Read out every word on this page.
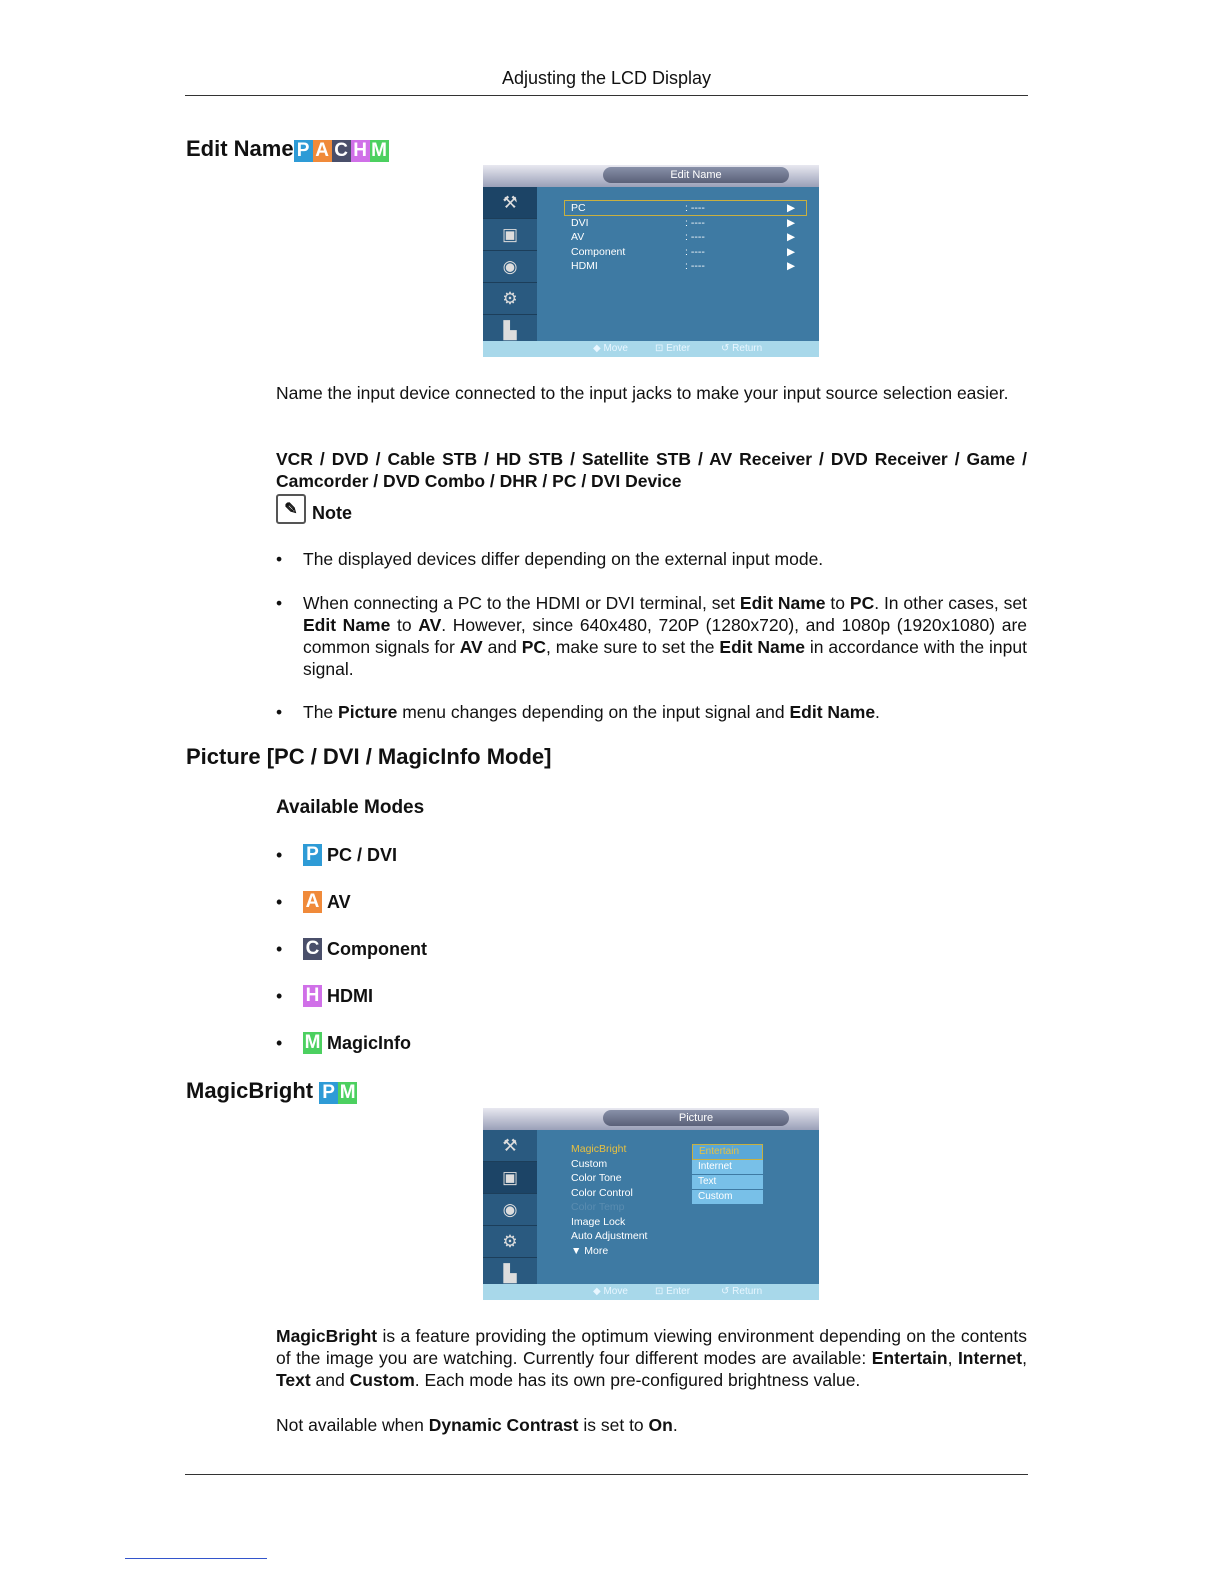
Adjusting the LCD Display
Edit Name P A C H M
Edit Name
⚒
▣
◉
⚙
▙
PC	: ----	▶
DVI	: ----	▶
AV	: ----	▶
Component	: ----	▶
HDMI	: ----	▶
◆ Move	⊡ Enter	↺ Return
Name the input device connected to the input jacks to make your input source selection easier.
VCR / DVD / Cable STB / HD STB / Satellite STB / AV Receiver / DVD Receiver / Game / Camcorder / DVD Combo / DHR / PC / DVI Device
✎ Note
• The displayed devices differ depending on the external input mode.
• When connecting a PC to the HDMI or DVI terminal, set Edit Name to PC. In other cases, set Edit Name to AV. However, since 640x480, 720P (1280x720), and 1080p (1920x1080) are common signals for AV and PC, make sure to set the Edit Name in accordance with the input signal.
• The Picture menu changes depending on the input signal and Edit Name.
Picture [PC / DVI / MagicInfo Mode]
Available Modes
•	P PC / DVI
•	A AV
•	C Component
•	H HDMI
•	M MagicInfo
MagicBright P M
Picture
⚒
▣
◉
⚙
▙
MagicBright
Custom
Color Tone
Color Control
Color Temp
Image Lock
Auto Adjustment
▼ More
Entertain
Internet
Text
Custom
◆ Move	⊡ Enter	↺ Return
MagicBright is a feature providing the optimum viewing environment depending on the contents of the image you are watching. Currently four different modes are available: Entertain, Internet, Text and Custom. Each mode has its own pre-configured brightness value.
Not available when Dynamic Contrast is set to On.
